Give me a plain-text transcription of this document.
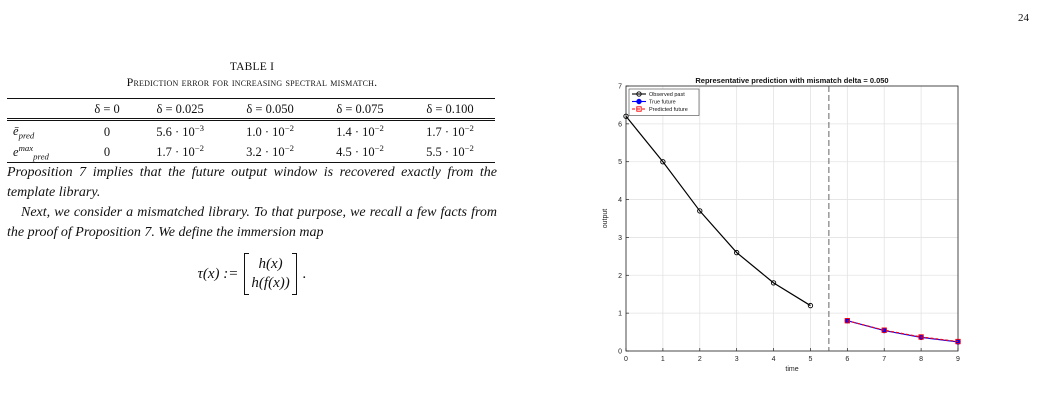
24
TABLE I
Prediction error for increasing spectral mismatch.
	δ = 0	δ = 0.025	δ = 0.050	δ = 0.075	δ = 0.100
$ē_{pred}$	0	$5.6 \cdot 10^{-3}$	$1.0 \cdot 10^{-2}$	$1.4 \cdot 10^{-2}$	$1.7 \cdot 10^{-2}$
$e^{max}_{pred}$	0	$1.7 \cdot 10^{-2}$	$3.2 \cdot 10^{-2}$	$4.5 \cdot 10^{-2}$	$5.5 \cdot 10^{-2}$

Proposition 7 implies that the future output window is recovered exactly from the template library.

Next, we consider a mismatched library. To that purpose, we recall a few facts from the proof of Proposition 7. We define the immersion map

τ(x) :=
h(x)
h(f(x))
.
0	1	2	3	4	5	6	7	8	9
0
1
2
3
4
5
6
7
Representative prediction with mismatch delta = 0.050
time
output
Observed past
True future
Predicted future
